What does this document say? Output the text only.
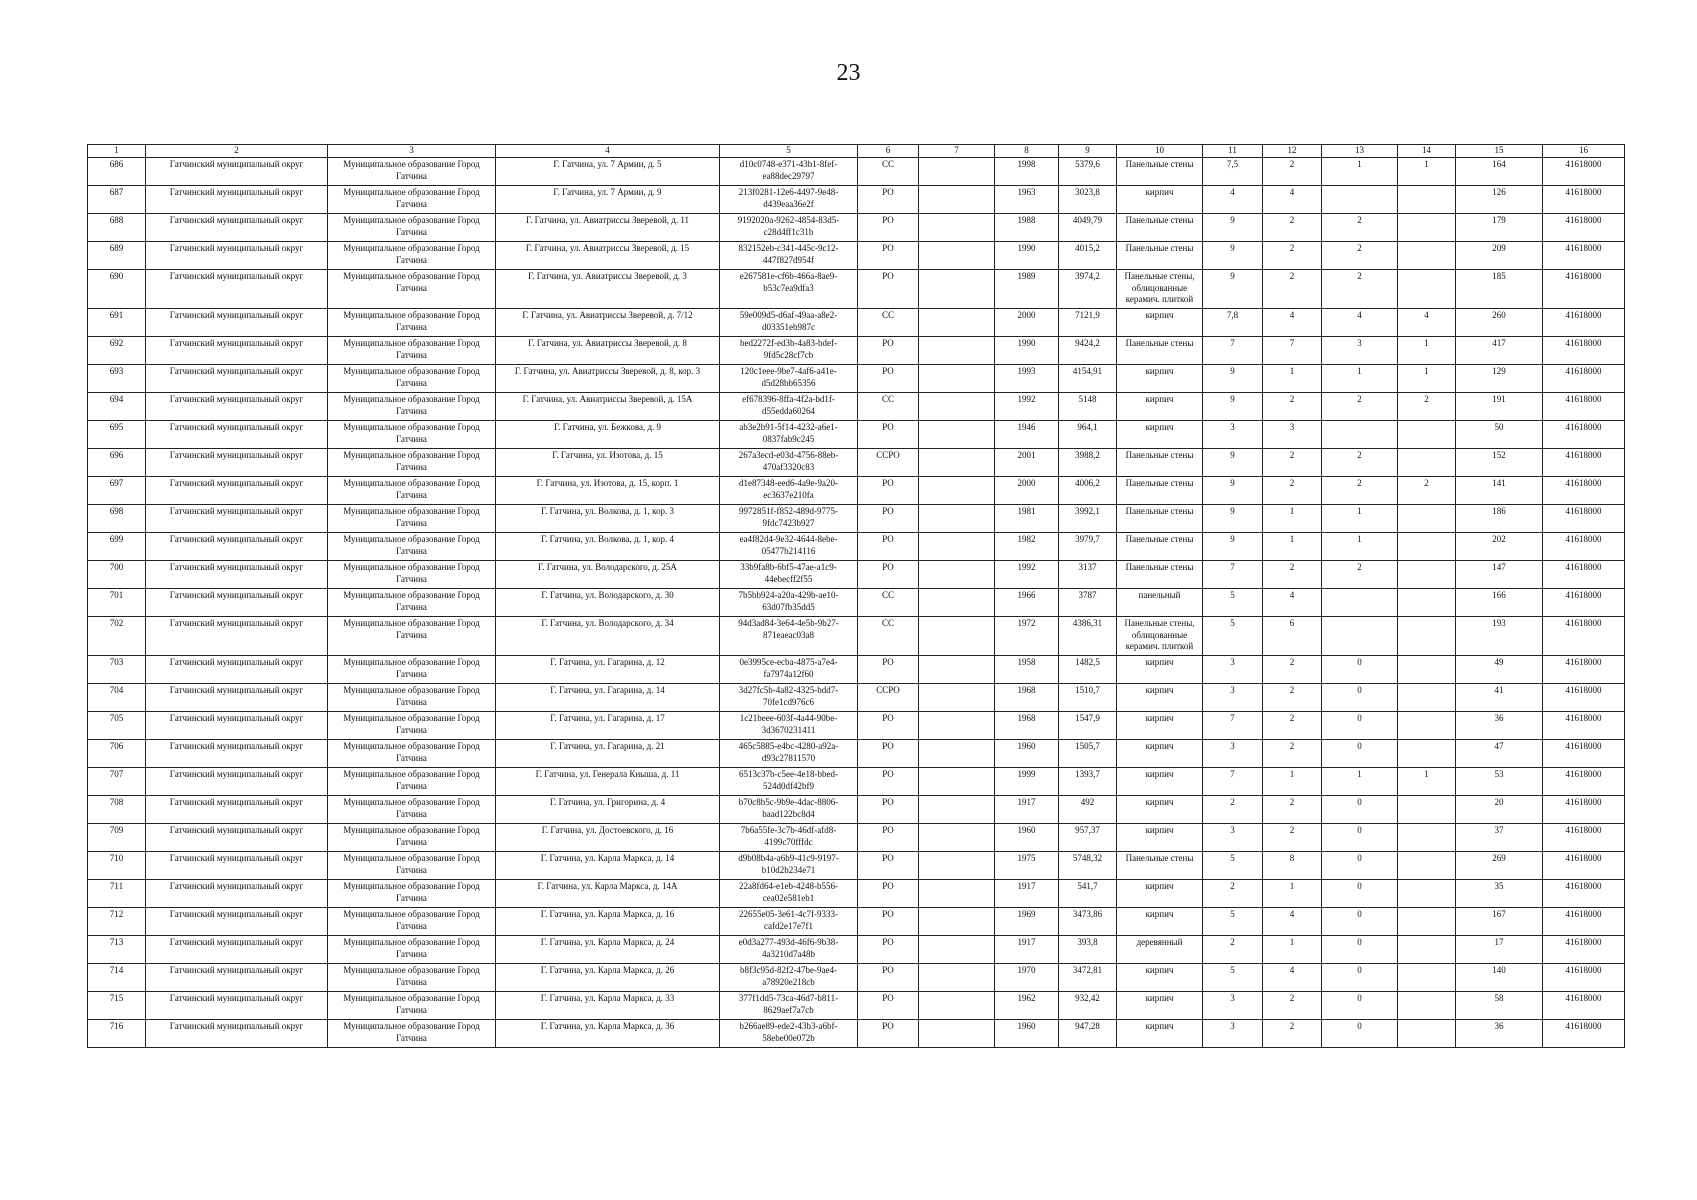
23
1	2	3	4	5	6	7	8	9	10	11	12	13	14	15	16
686	Гатчинский муниципальный округ	Муниципальное образование Город Гатчина	Г. Гатчина, ул. 7 Армии, д. 5	d10c0748-e371-43b1-8fef-ea88dec29797	СС		1998	5379,6	Панельные стены	7,5	2	1	1	164	41618000
687	Гатчинский муниципальный округ	Муниципальное образование Город Гатчина	Г. Гатчина, ул. 7 Армии, д. 9	213f0281-12e6-4497-9e48-d439eaa36e2f	РО		1963	3023,8	кирпич	4	4			126	41618000
688	Гатчинский муниципальный округ	Муниципальное образование Город Гатчина	Г. Гатчина, ул. Авиатриссы Зверевой, д. 11	9192020a-9262-4854-83d5-c28d4ff1c31b	РО		1988	4049,79	Панельные стены	9	2	2		179	41618000
689	Гатчинский муниципальный округ	Муниципальное образование Город Гатчина	Г. Гатчина, ул. Авиатриссы Зверевой, д. 15	832152eb-c341-445c-9c12-447f827d954f	РО		1990	4015,2	Панельные стены	9	2	2		209	41618000
690	Гатчинский муниципальный округ	Муниципальное образование Город Гатчина	Г. Гатчина, ул. Авиатриссы Зверевой, д. 3	e267581e-cf6b-466a-8ae9-b53c7ea9dfa3	РО		1989	3974,2	Панельные стены, облицованные керамич. плиткой	9	2	2		185	41618000
691	Гатчинский муниципальный округ	Муниципальное образование Город Гатчина	Г. Гатчина, ул. Авиатриссы Зверевой, д. 7/12	59e009d5-d6af-49aa-a8e2-d03351eb987c	СС		2000	7121,9	кирпич	7,8	4	4	4	260	41618000
692	Гатчинский муниципальный округ	Муниципальное образование Город Гатчина	Г. Гатчина, ул. Авиатриссы Зверевой, д. 8	bed2272f-ed3b-4a83-bdef-9fd5c28cf7cb	РО		1990	9424,2	Панельные стены	7	7	3	1	417	41618000
693	Гатчинский муниципальный округ	Муниципальное образование Город Гатчина	Г. Гатчина, ул. Авиатриссы Зверевой, д. 8, кор. 3	120c1eee-9be7-4af6-a41e-d5d28bb65356	РО		1993	4154,91	кирпич	9	1	1	1	129	41618000
694	Гатчинский муниципальный округ	Муниципальное образование Город Гатчина	Г. Гатчина, ул. Авиатриссы Зверевой, д. 15А	ef678396-8ffa-4f2a-bd1f-d55edda60264	СС		1992	5148	кирпич	9	2	2	2	191	41618000
695	Гатчинский муниципальный округ	Муниципальное образование Город Гатчина	Г. Гатчина, ул. Бежкова, д. 9	ab3e2b91-5f14-4232-a6e1-0837fab9c245	РО		1946	964,1	кирпич	3	3			50	41618000
696	Гатчинский муниципальный округ	Муниципальное образование Город Гатчина	Г. Гатчина, ул. Изотова, д. 15	267a3ecd-e03d-4756-88eb-470af3320c83	ССРО		2001	3988,2	Панельные стены	9	2	2		152	41618000
697	Гатчинский муниципальный округ	Муниципальное образование Город Гатчина	Г. Гатчина, ул. Изотова, д. 15, корп. 1	d1e87348-eed6-4a9e-9a20-ec3637e210fa	РО		2000	4006,2	Панельные стены	9	2	2	2	141	41618000
698	Гатчинский муниципальный округ	Муниципальное образование Город Гатчина	Г. Гатчина, ул. Волкова, д. 1, кор. 3	9972851f-f852-489d-9775-9fdc7423b927	РО		1981	3992,1	Панельные стены	9	1	1		186	41618000
699	Гатчинский муниципальный округ	Муниципальное образование Город Гатчина	Г. Гатчина, ул. Волкова, д. 1, кор. 4	ea4f82d4-9e32-4644-8ebe-05477b214116	РО		1982	3979,7	Панельные стены	9	1	1		202	41618000
700	Гатчинский муниципальный округ	Муниципальное образование Город Гатчина	Г. Гатчина, ул. Володарского, д. 25А	33b9fa8b-6bf5-47ae-a1c9-44ebecff2f55	РО		1992	3137	Панельные стены	7	2	2		147	41618000
701	Гатчинский муниципальный округ	Муниципальное образование Город Гатчина	Г. Гатчина, ул. Володарского, д. 30	7b5bb924-a20a-429b-ae10-63d07fb35dd5	СС		1966	3787	панельный	5	4			166	41618000
702	Гатчинский муниципальный округ	Муниципальное образование Город Гатчина	Г. Гатчина, ул. Володарского, д. 34	94d3ad84-3e64-4e5b-9b27-871eaeac03a8	СС		1972	4386,31	Панельные стены, облицованные керамич. плиткой	5	6			193	41618000
703	Гатчинский муниципальный округ	Муниципальное образование Город Гатчина	Г. Гатчина, ул. Гагарина, д. 12	0e3995ce-ecba-4875-a7e4-fa7974a12f60	РО		1958	1482,5	кирпич	3	2	0		49	41618000
704	Гатчинский муниципальный округ	Муниципальное образование Город Гатчина	Г. Гатчина, ул. Гагарина, д. 14	3d27fc5b-4a82-4325-bdd7-70fe1cd976c6	ССРО		1968	1510,7	кирпич	3	2	0		41	41618000
705	Гатчинский муниципальный округ	Муниципальное образование Город Гатчина	Г. Гатчина, ул. Гагарина, д. 17	1c21beee-603f-4a44-90be-3d3670231411	РО		1968	1547,9	кирпич	7	2	0		36	41618000
706	Гатчинский муниципальный округ	Муниципальное образование Город Гатчина	Г. Гатчина, ул. Гагарина, д. 21	465c5885-e4bc-4280-a92a-d93c27811570	РО		1960	1505,7	кирпич	3	2	0		47	41618000
707	Гатчинский муниципальный округ	Муниципальное образование Город Гатчина	Г. Гатчина, ул. Генерала Кныша, д. 11	6513c37b-c5ee-4e18-bbed-524d0df42bf9	РО		1999	1393,7	кирпич	7	1	1	1	53	41618000
708	Гатчинский муниципальный округ	Муниципальное образование Город Гатчина	Г. Гатчина, ул. Григорина, д. 4	b70c8b5c-9b9e-4dac-8806-baad122bc8d4	РО		1917	492	кирпич	2	2	0		20	41618000
709	Гатчинский муниципальный округ	Муниципальное образование Город Гатчина	Г. Гатчина, ул. Достоевского, д. 16	7b6a55fe-3c7b-46df-afd8-4199c70fffdc	РО		1960	957,37	кирпич	3	2	0		37	41618000
710	Гатчинский муниципальный округ	Муниципальное образование Город Гатчина	Г. Гатчина, ул. Карла Маркса, д. 14	d9b08b4a-a6b9-41c9-9197-b10d2b234e71	РО		1975	5748,32	Панельные стены	5	8	0		269	41618000
711	Гатчинский муниципальный округ	Муниципальное образование Город Гатчина	Г. Гатчина, ул. Карла Маркса, д. 14А	22a8fd64-e1eb-4248-b556-cea02e581eb1	РО		1917	541,7	кирпич	2	1	0		35	41618000
712	Гатчинский муниципальный округ	Муниципальное образование Город Гатчина	Г. Гатчина, ул. Карла Маркса, д. 16	22655e05-3e61-4c7f-9333-cafd2e17e7f1	РО		1969	3473,86	кирпич	5	4	0		167	41618000
713	Гатчинский муниципальный округ	Муниципальное образование Город Гатчина	Г. Гатчина, ул. Карла Маркса, д. 24	e0d3a277-493d-46f6-9b38-4a3210d7a48b	РО		1917	393,8	деревянный	2	1	0		17	41618000
714	Гатчинский муниципальный округ	Муниципальное образование Город Гатчина	Г. Гатчина, ул. Карла Маркса, д. 26	b8f3c95d-82f2-47be-9ae4-a78920e218cb	РО		1970	3472,81	кирпич	5	4	0		140	41618000
715	Гатчинский муниципальный округ	Муниципальное образование Город Гатчина	Г. Гатчина, ул. Карла Маркса, д. 33	377f1dd5-73ca-46d7-b811-8629aef7a7cb	РО		1962	932,42	кирпич	3	2	0		58	41618000
716	Гатчинский муниципальный округ	Муниципальное образование Город Гатчина	Г. Гатчина, ул. Карла Маркса, д. 36	b266ae89-ede2-43b3-a6bf-58ebe00e072b	РО		1960	947,28	кирпич	3	2	0		36	41618000
